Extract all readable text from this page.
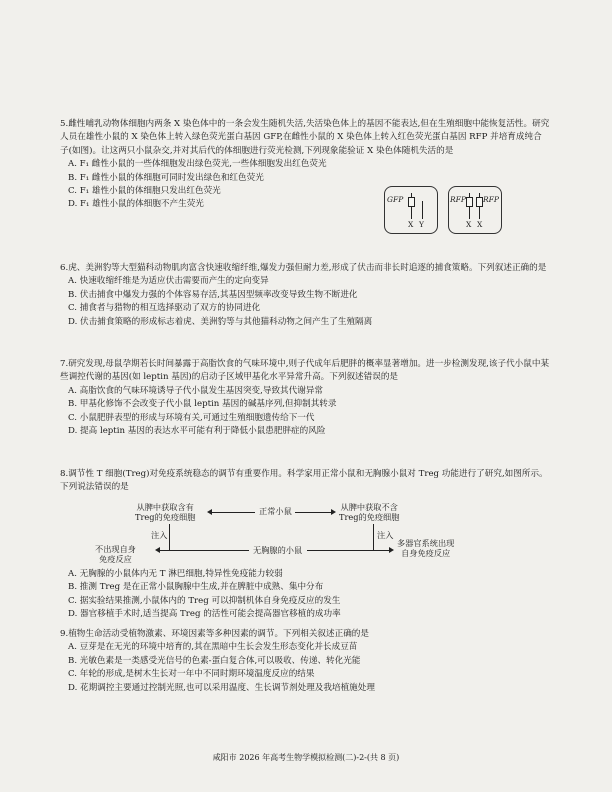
5.雌性哺乳动物体细胞内两条 X 染色体中的一条会发生随机失活,失活染色体上的基因不能表达,但在生殖细胞中能恢复活性。研究人员在雄性小鼠的 X 染色体上转入绿色荧光蛋白基因 GFP,在雌性小鼠的 X 染色体上转入红色荧光蛋白基因 RFP 并培育成纯合子(如图)。让这两只小鼠杂交,并对其后代的体细胞进行荧光检测,下列现象能验证 X 染色体随机失活的是

A. F₁ 雌性小鼠的一些体细胞发出绿色荧光,一些体细胞发出红色荧光

B. F₁ 雌性小鼠的体细胞可同时发出绿色和红色荧光

C. F₁ 雄性小鼠的体细胞只发出红色荧光

D. F₁ 雄性小鼠的体细胞不产生荧光	GFP
X Y
RFP RFP
X X

6.虎、美洲豹等大型猫科动物肌肉富含快速收缩纤维,爆发力强但耐力差,形成了伏击而非长时追逐的捕食策略。下列叙述正确的是

A. 快速收缩纤维是为适应伏击需要而产生的定向变异

B. 伏击捕食中爆发力强的个体容易存活,其基因型频率改变导致生物不断进化

C. 捕食者与猎物的相互选择驱动了双方的协同进化

D. 伏击捕食策略的形成标志着虎、美洲豹等与其他猫科动物之间产生了生殖隔离

7.研究发现,母鼠孕期若长时间暴露于高脂饮食的气味环境中,则子代成年后肥胖的概率显著增加。进一步检测发现,该子代小鼠中某些调控代谢的基因(如 leptin 基因)的启动子区域甲基化水平异常升高。下列叙述错误的是

A. 高脂饮食的气味环境诱导子代小鼠发生基因突变,导致其代谢异常

B. 甲基化修饰不会改变子代小鼠 leptin 基因的碱基序列,但抑制其转录

C. 小鼠肥胖表型的形成与环境有关,可通过生殖细胞遗传给下一代

D. 提高 leptin 基因的表达水平可能有利于降低小鼠患肥胖症的风险

8.调节性 T 细胞(Treg)对免疫系统稳态的调节有重要作用。科学家用正常小鼠和无胸腺小鼠对 Treg 功能进行了研究,如图所示。下列说法错误的是

从脾中获取含有
Treg的免疫细胞
正常小鼠	从脾中获取不含
Treg的免疫细胞
注入	注入
不出现自身
免疫反应
无胸腺的小鼠
多器官系统出现
自身免疫反应

A. 无胸腺的小鼠体内无 T 淋巴细胞,特异性免疫能力较弱

B. 推测 Treg 是在正常小鼠胸腺中生成,并在脾脏中成熟、集中分布

C. 据实验结果推测,小鼠体内的 Treg 可以抑制机体自身免疫反应的发生

D. 器官移植手术时,适当提高 Treg 的活性可能会提高器官移植的成功率

9.植物生命活动受植物激素、环境因素等多种因素的调节。下列相关叙述正确的是

A. 豆芽是在无光的环境中培育的,其在黑暗中生长会发生形态变化并长成豆苗

B. 光敏色素是一类感受光信号的色素-蛋白复合体,可以吸收、传递、转化光能

C. 年轮的形成,是树木生长对一年中不同时期环境温度反应的结果

D. 花期调控主要通过控制光照,也可以采用温度、生长调节剂处理及我培植施处理

咸阳市 2026 年高考生物学模拟检测(二)-2-(共 8 页)
